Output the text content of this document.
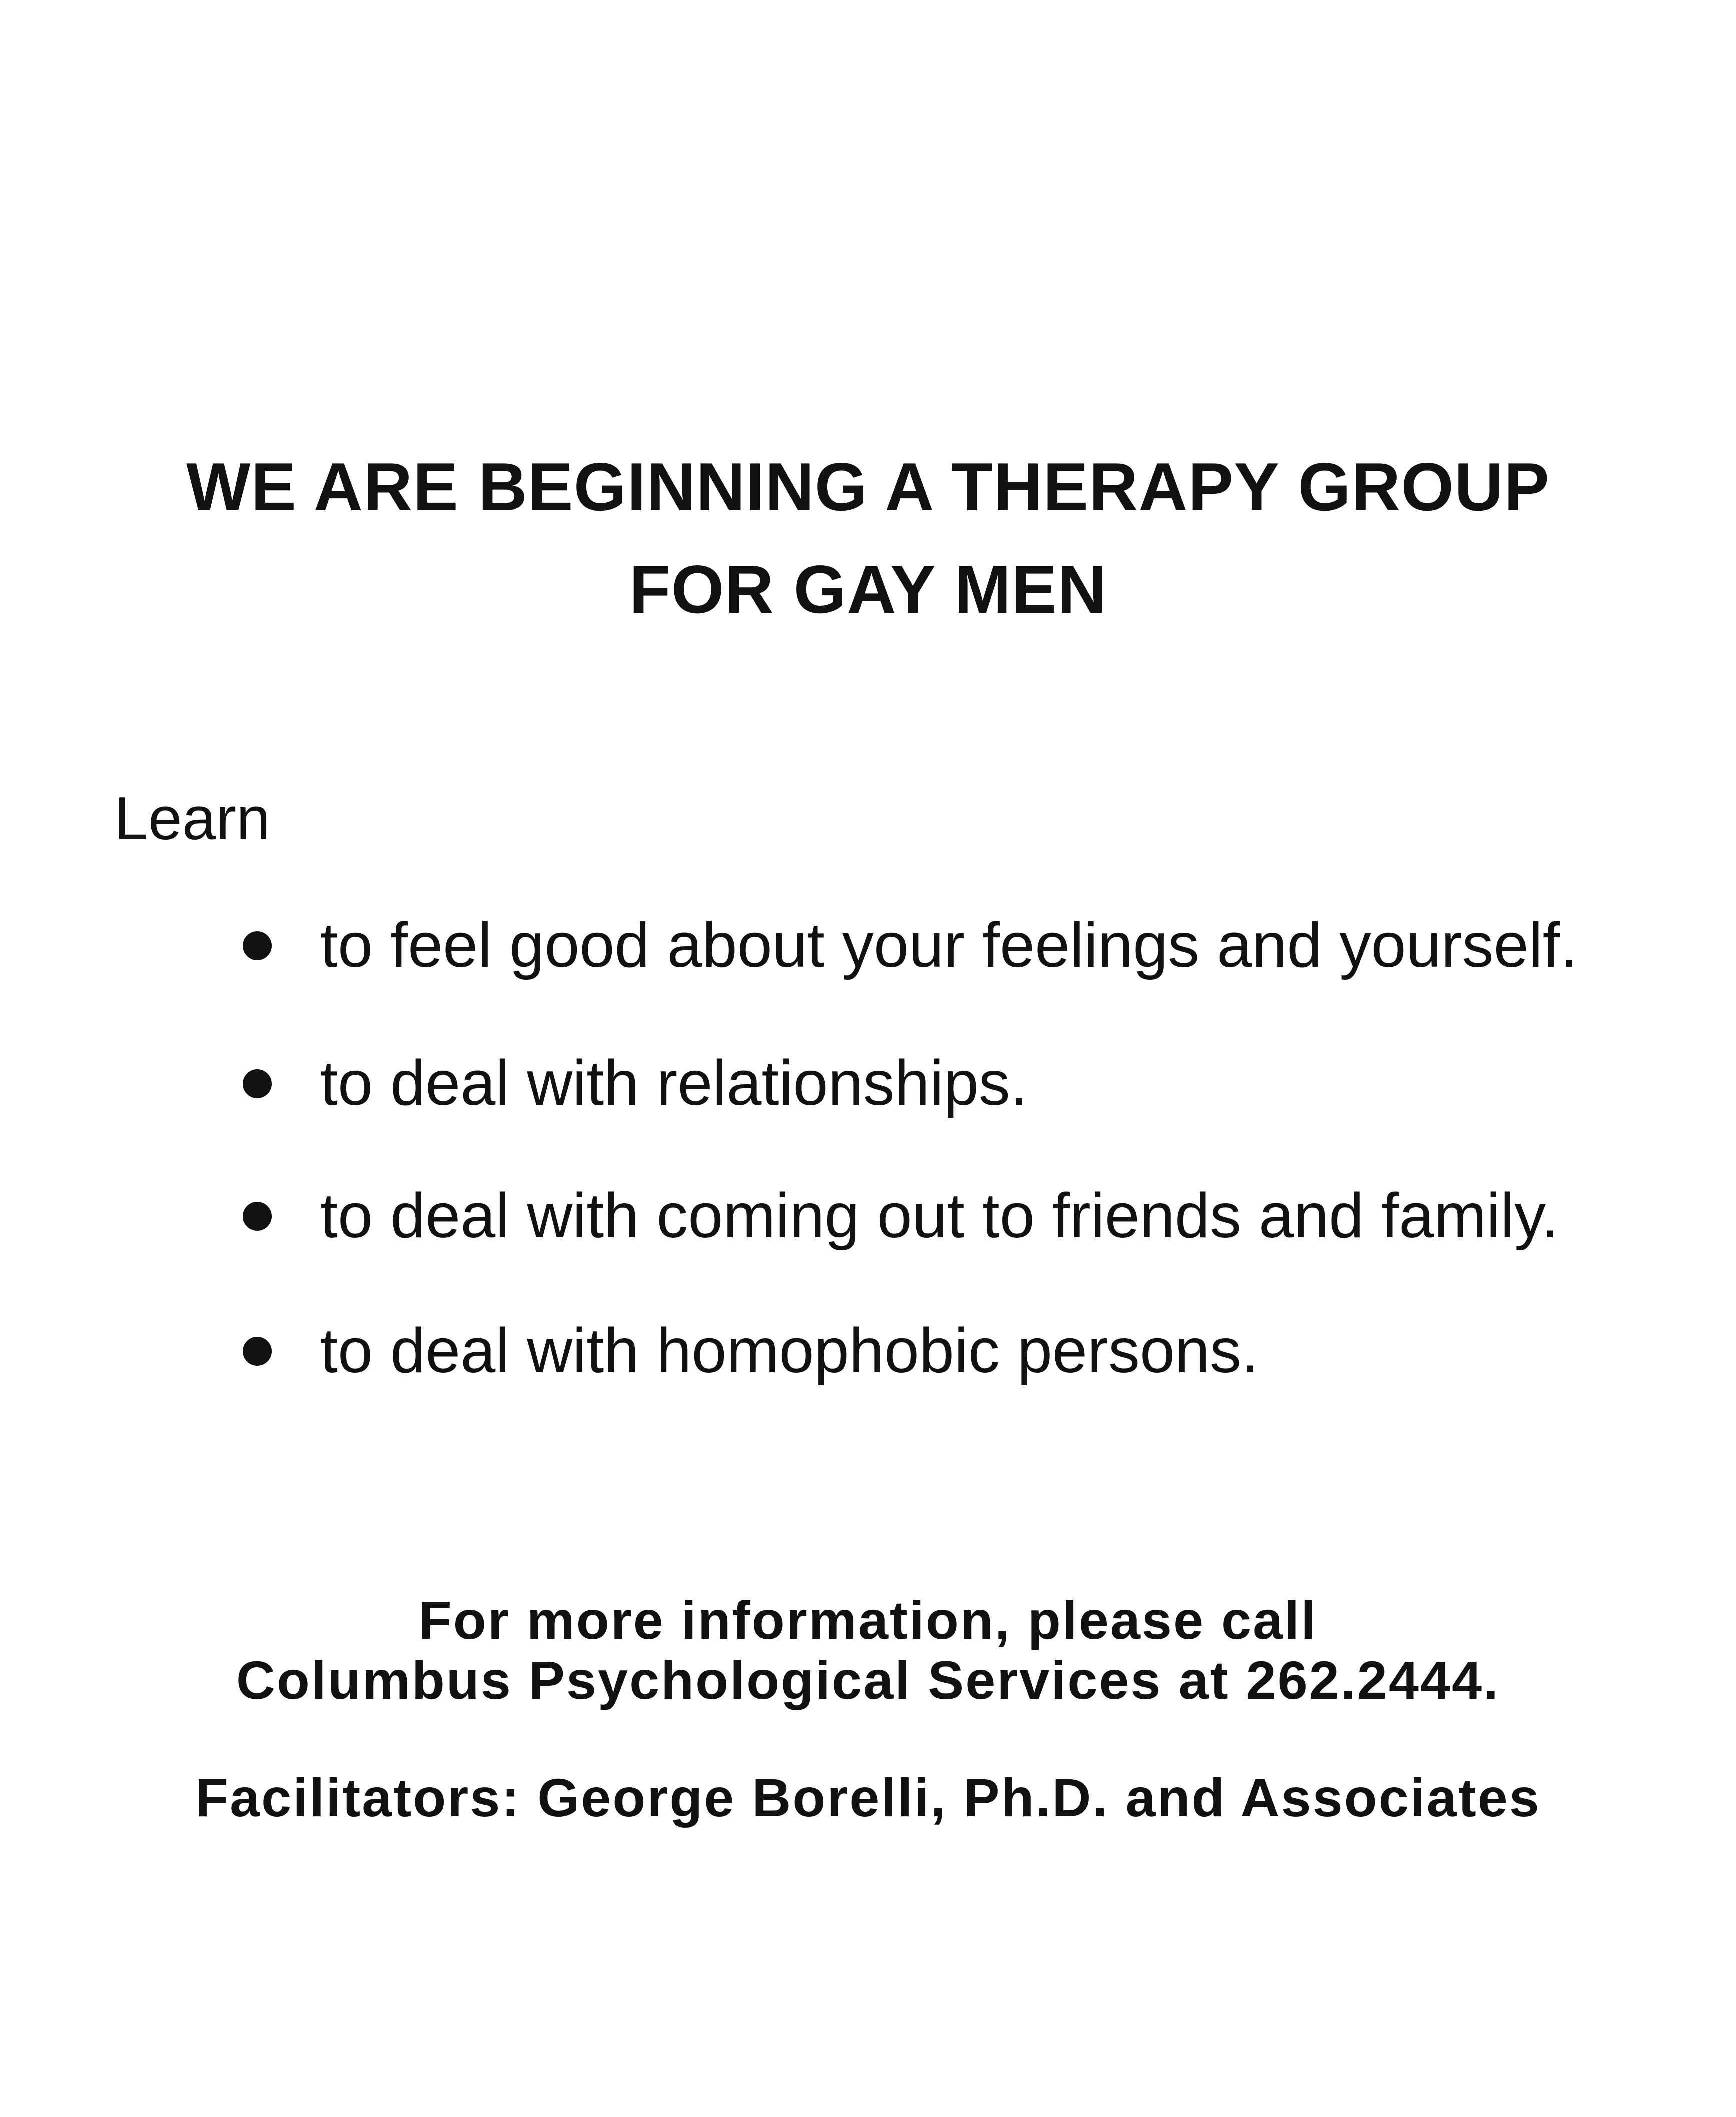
WE ARE BEGINNING A THERAPY GROUP
FOR GAY MEN

Learn

to feel good about your feelings and yourself.
to deal with relationships.
to deal with coming out to friends and family.
to deal with homophobic persons.

For more information, please call

Columbus Psychological Services at 262.2444.

Facilitators: George Borelli, Ph.D. and Associates
